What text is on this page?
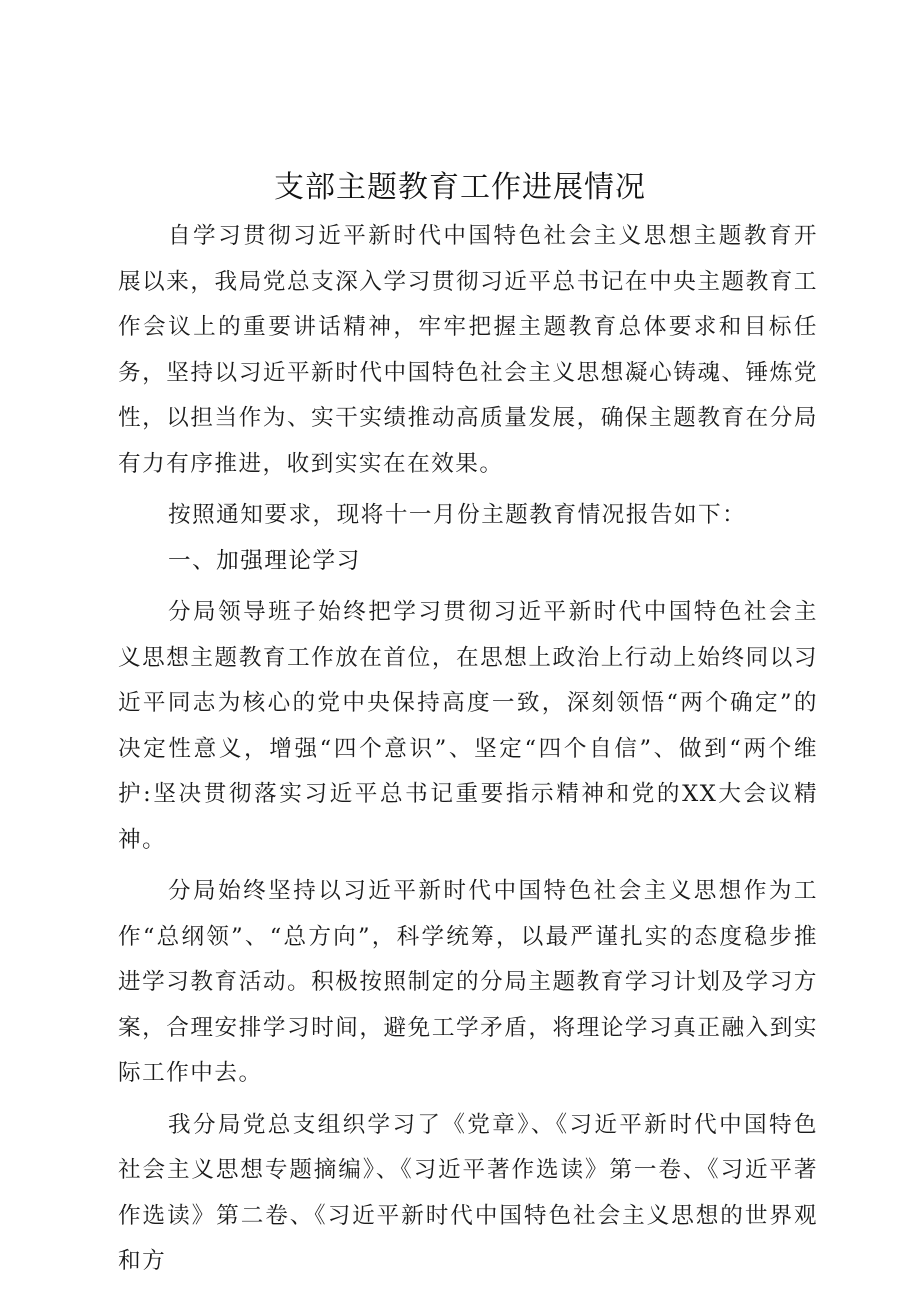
支部主题教育工作进展情况

自学习贯彻习近平新时代中国特色社会主义思想主题教育开展以来，我局党总支深入学习贯彻习近平总书记在中央主题教育工作会议上的重要讲话精神，牢牢把握主题教育总体要求和目标任务，坚持以习近平新时代中国特色社会主义思想凝心铸魂、锤炼党性，以担当作为、实干实绩推动高质量发展，确保主题教育在分局有力有序推进，收到实实在在效果。

按照通知要求，现将十一月份主题教育情况报告如下：

一、加强理论学习

分局领导班子始终把学习贯彻习近平新时代中国特色社会主义思想主题教育工作放在首位，在思想上政治上行动上始终同以习近平同志为核心的党中央保持高度一致，深刻领悟“两个确定”的决定性意义，增强“四个意识”、坚定“四个自信”、做到“两个维护:坚决贯彻落实习近平总书记重要指示精神和党的XX大会议精神。

分局始终坚持以习近平新时代中国特色社会主义思想作为工作“总纲领”、“总方向”，科学统筹，以最严谨扎实的态度稳步推进学习教育活动。积极按照制定的分局主题教育学习计划及学习方案，合理安排学习时间，避免工学矛盾，将理论学习真正融入到实际工作中去。

我分局党总支组织学习了《党章》、《习近平新时代中国特色社会主义思想专题摘编》、《习近平著作选读》第一卷、《习近平著作选读》第二卷、《习近平新时代中国特色社会主义思想的世界观和方
